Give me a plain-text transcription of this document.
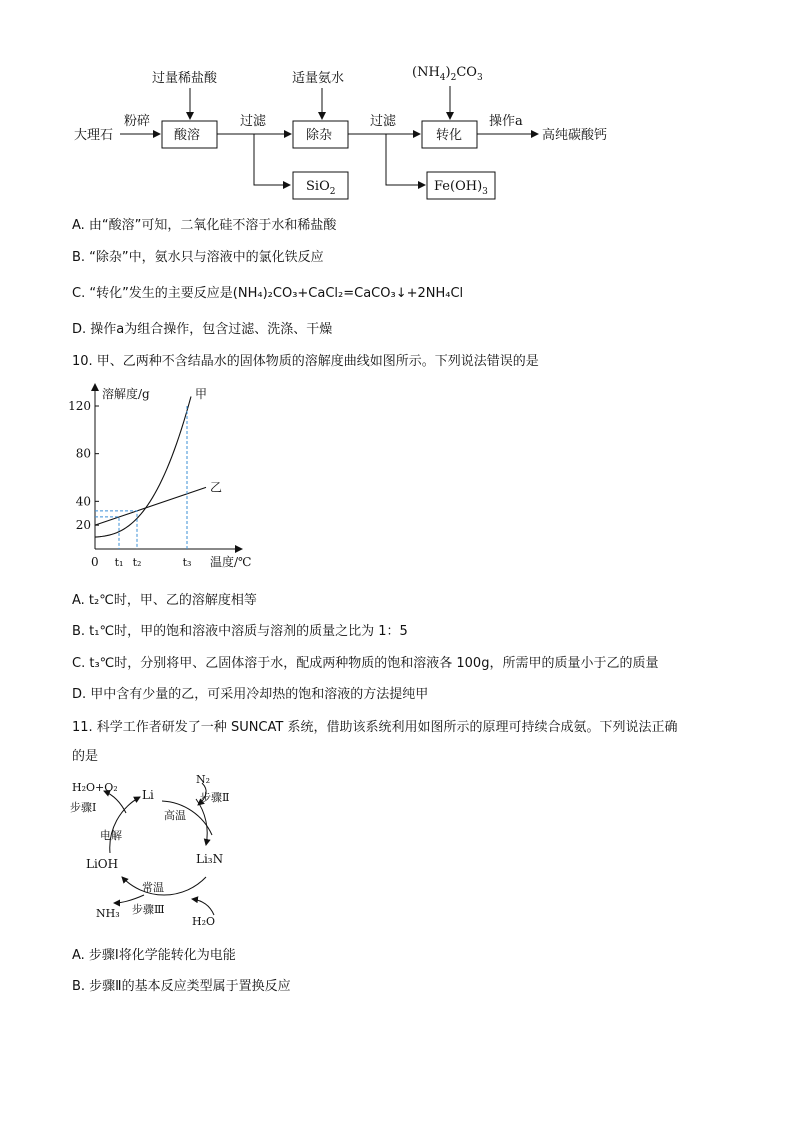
过量稀盐酸	适量氨水	$(NH_4)_2CO_3$
大理石
粉碎
酸溶
过滤
SiO$_2$
除杂
过滤
$Fe(OH)_3$
转化
操作a
高纯碳酸钙
A. 由“酸溶”可知，二氧化硅不溶于水和稀盐酸
B. “除杂”中，氨水只与溶液中的氯化铁反应
C. “转化”发生的主要反应是(NH₄)₂CO₃+CaCl₂=CaCO₃↓+2NH₄Cl
D. 操作a为组合操作，包含过滤、洗涤、干燥
10. 甲、乙两种不含结晶水的固体物质的溶解度曲线如图所示。下列说法错误的是
溶解度/g
温度/℃
0
120
80
40
20
t₁ t₂	t₃
甲
乙
A. t₂℃时，甲、乙的溶解度相等
B. t₁℃时，甲的饱和溶液中溶质与溶剂的质量之比为 1：5
C. t₃℃时，分别将甲、乙固体溶于水，配成两种物质的饱和溶液各 100g，所需甲的质量小于乙的质量
D. 甲中含有少量的乙，可采用冷却热的饱和溶液的方法提纯甲
11. 科学工作者研发了一种 SUNCAT 系统，借助该系统利用如图所示的原理可持续合成氨。下列说法正确
的是
Li
Li₃N
LiOH
N₂
H₂O+O₂
NH₃
H₂O
步骤Ⅰ
步骤Ⅱ
步骤Ⅲ
电解
高温
常温
A. 步骤Ⅰ将化学能转化为电能
B. 步骤Ⅱ的基本反应类型属于置换反应
